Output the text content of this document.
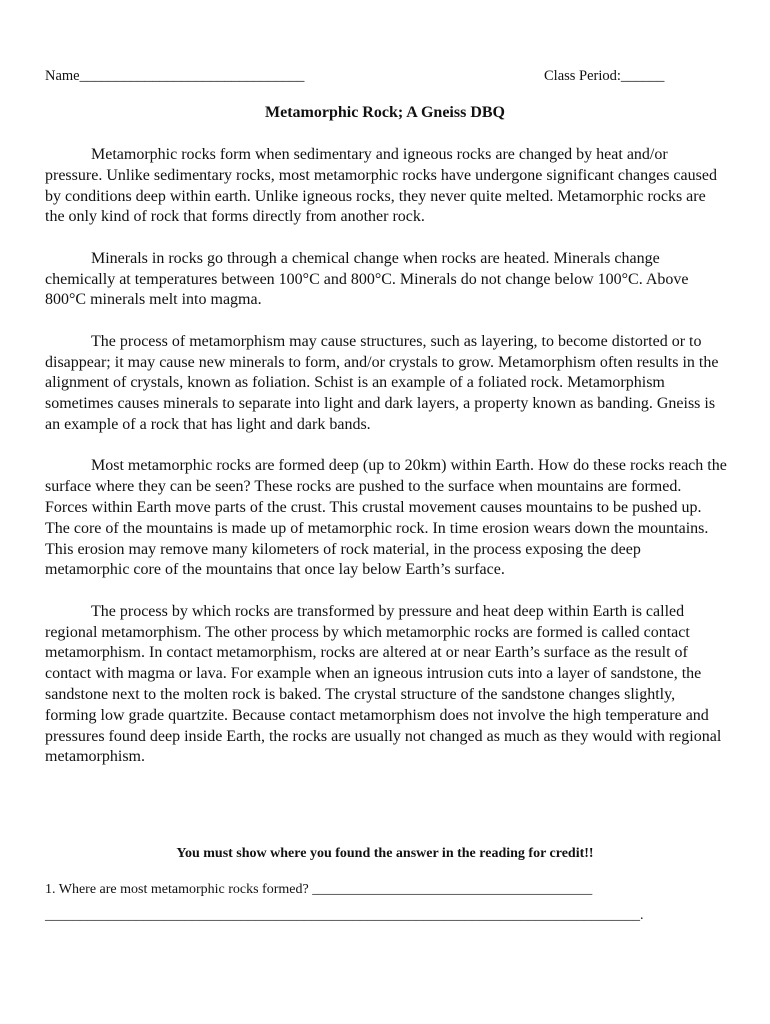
Name_______________________________	Class Period:______
Metamorphic Rock; A Gneiss DBQ

Metamorphic rocks form when sedimentary and igneous rocks are changed by heat and/or pressure. Unlike sedimentary rocks, most metamorphic rocks have undergone significant changes caused by conditions deep within earth. Unlike igneous rocks, they never quite melted. Metamorphic rocks are the only kind of rock that forms directly from another rock.

Minerals in rocks go through a chemical change when rocks are heated. Minerals change chemically at temperatures between 100°C and 800°C. Minerals do not change below 100°C. Above 800°C minerals melt into magma.

The process of metamorphism may cause structures, such as layering, to become distorted or to disappear; it may cause new minerals to form, and/or crystals to grow. Metamorphism often results in the alignment of crystals, known as foliation. Schist is an example of a foliated rock. Metamorphism sometimes causes minerals to separate into light and dark layers, a property known as banding. Gneiss is an example of a rock that has light and dark bands.

Most metamorphic rocks are formed deep (up to 20km) within Earth. How do these rocks reach the surface where they can be seen? These rocks are pushed to the surface when mountains are formed. Forces within Earth move parts of the crust. This crustal movement causes mountains to be pushed up. The core of the mountains is made up of metamorphic rock. In time erosion wears down the mountains. This erosion may remove many kilometers of rock material, in the process exposing the deep metamorphic core of the mountains that once lay below Earth’s surface.

The process by which rocks are transformed by pressure and heat deep within Earth is called regional metamorphism. The other process by which metamorphic rocks are formed is called contact metamorphism. In contact metamorphism, rocks are altered at or near Earth’s surface as the result of contact with magma or lava. For example when an igneous intrusion cuts into a layer of sandstone, the sandstone next to the molten rock is baked. The crystal structure of the sandstone changes slightly, forming low grade quartzite. Because contact metamorphism does not involve the high temperature and pressures found deep inside Earth, the rocks are usually not changed as much as they would with regional metamorphism.

You must show where you found the answer in the reading for credit!!
1. Where are most metamorphic rocks formed? ________________________________________
_____________________________________________________________________________________.
